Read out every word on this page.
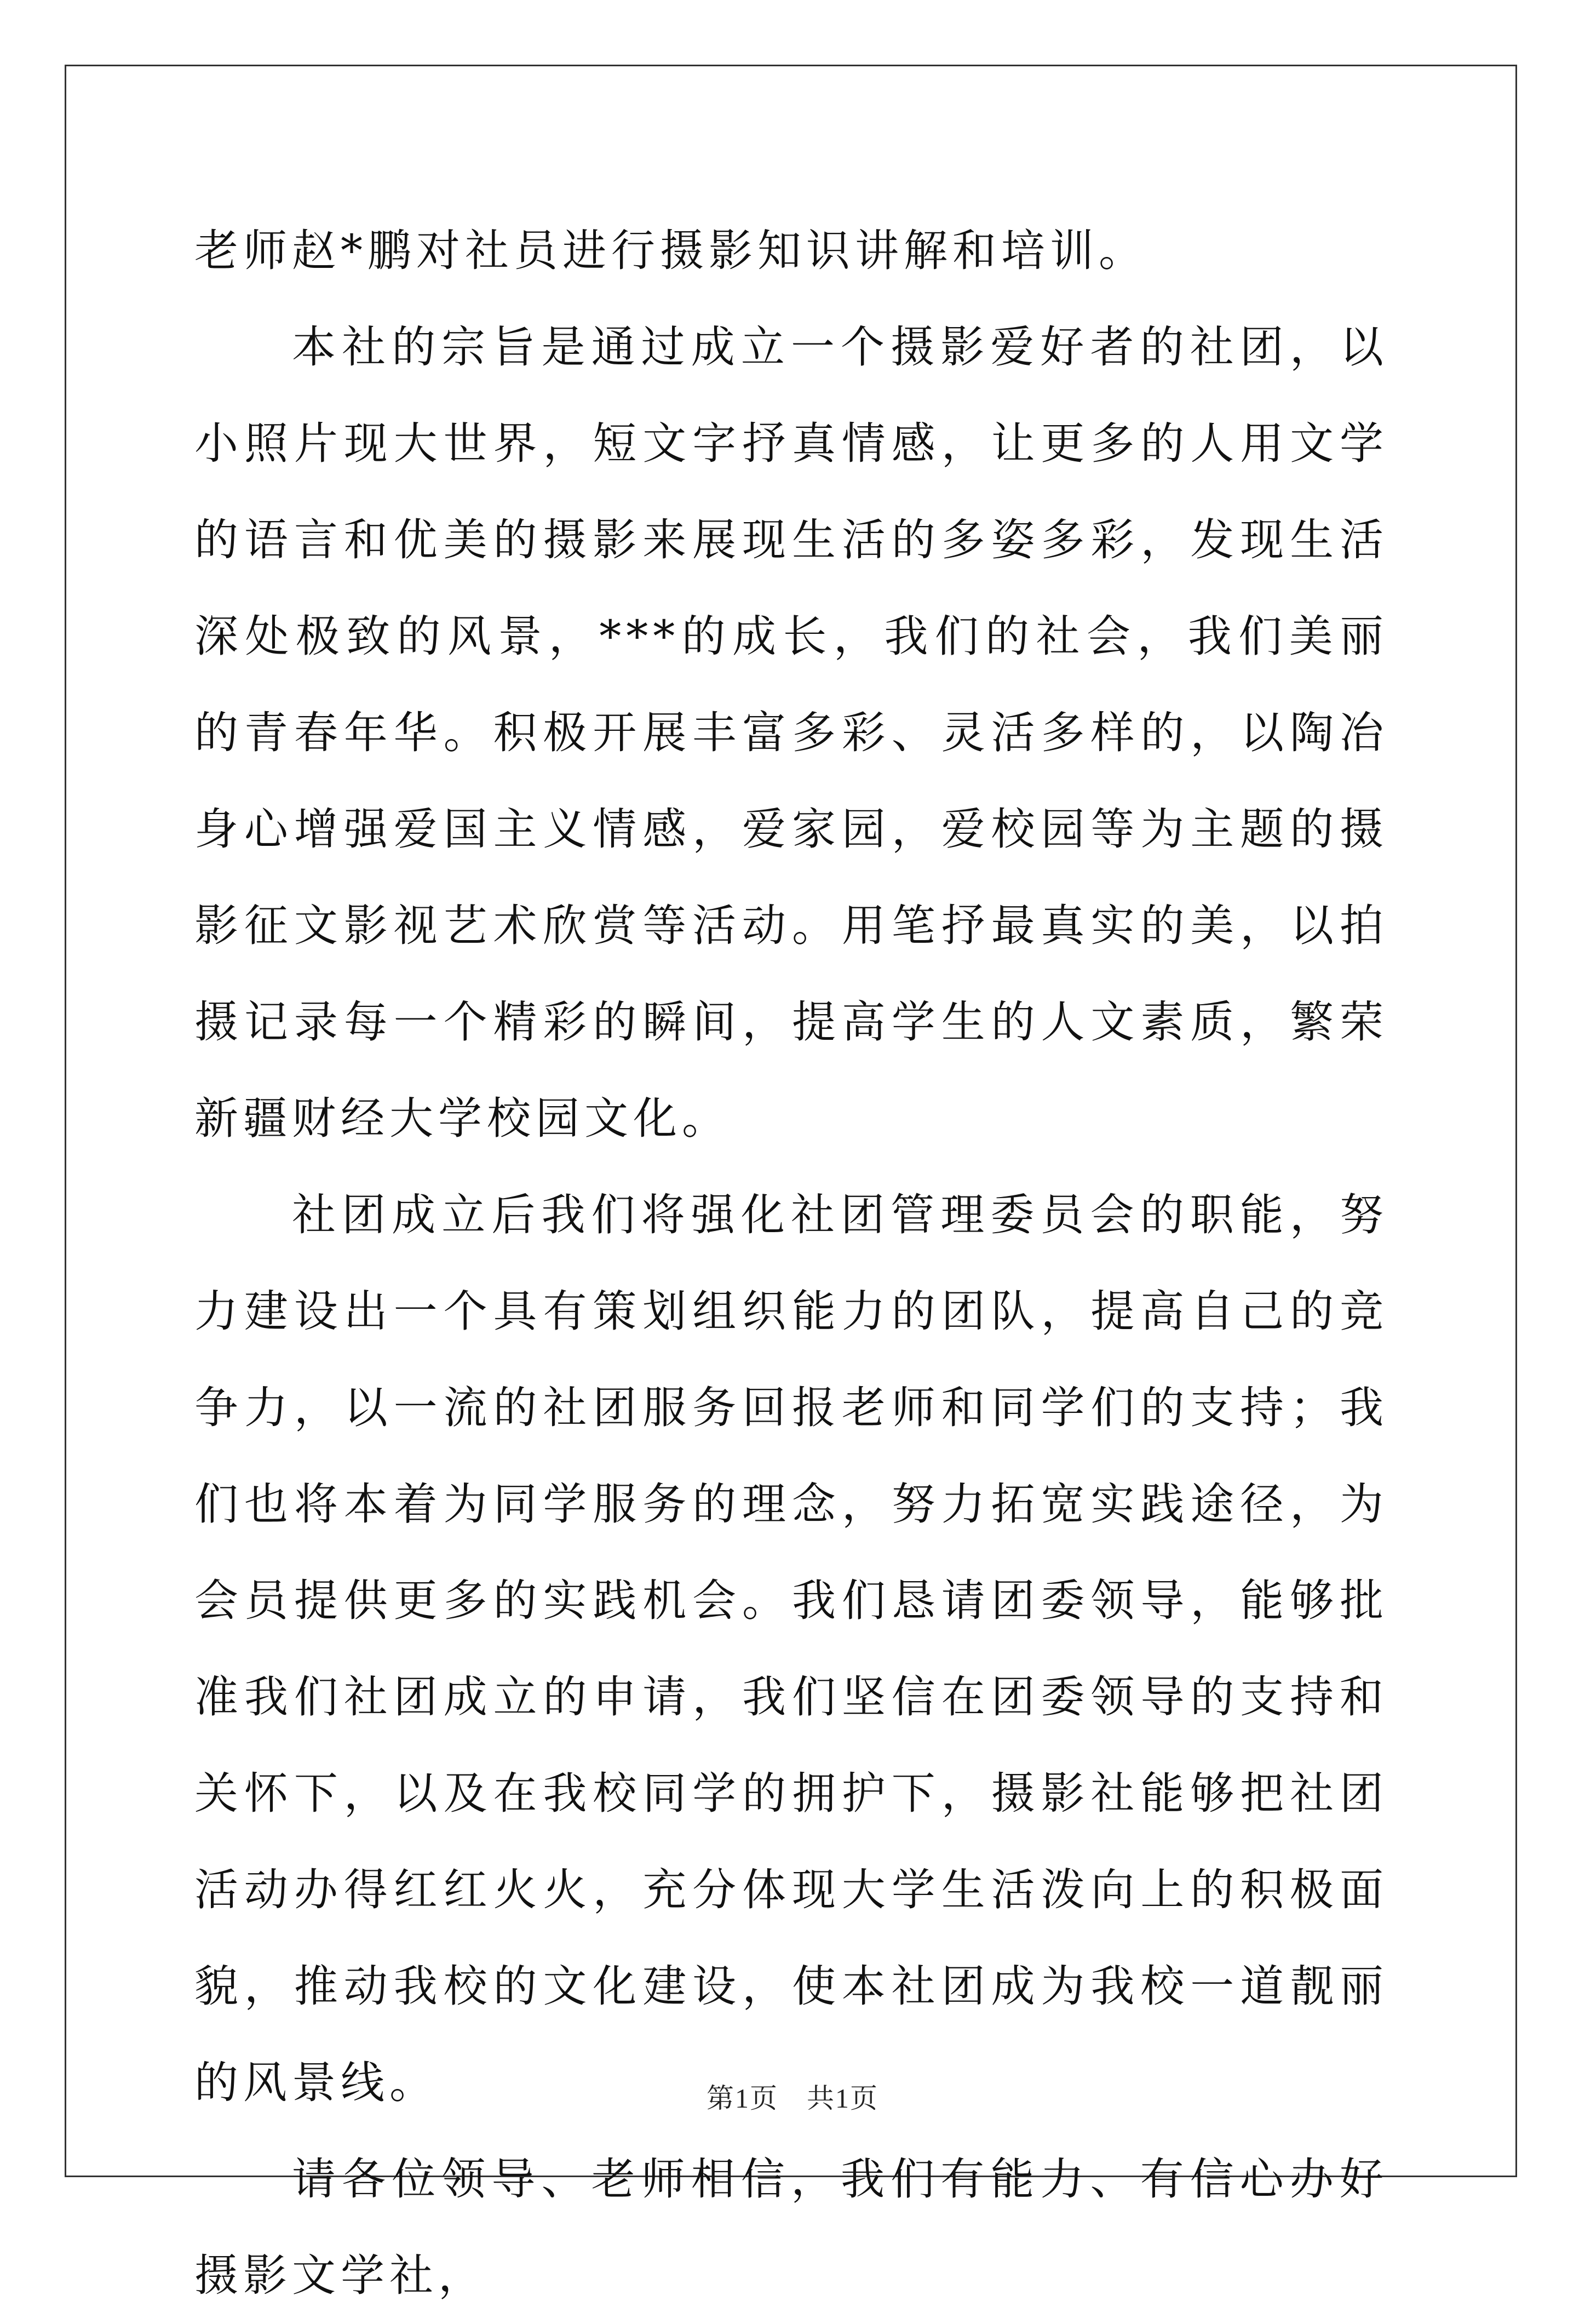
老师赵*鹏对社员进行摄影知识讲解和培训。

本社的宗旨是通过成立一个摄影爱好者的社团，以小照片现大世界，短文字抒真情感，让更多的人用文学的语言和优美的摄影来展现生活的多姿多彩，发现生活深处极致的风景，***的成长，我们的社会，我们美丽的青春年华。积极开展丰富多彩、灵活多样的，以陶冶身心增强爱国主义情感，爱家园，爱校园等为主题的摄影征文影视艺术欣赏等活动。用笔抒最真实的美，以拍摄记录每一个精彩的瞬间，提高学生的人文素质，繁荣新疆财经大学校园文化。

社团成立后我们将强化社团管理委员会的职能，努力建设出一个具有策划组织能力的团队，提高自己的竞争力，以一流的社团服务回报老师和同学们的支持；我们也将本着为同学服务的理念，努力拓宽实践途径，为会员提供更多的实践机会。我们恳请团委领导，能够批准我们社团成立的申请，我们坚信在团委领导的支持和关怀下，以及在我校同学的拥护下，摄影社能够把社团活动办得红红火火，充分体现大学生活泼向上的积极面貌，推动我校的文化建设，使本社团成为我校一道靓丽的风景线。

请各位领导、老师相信，我们有能力、有信心办好摄影文学社，

第1页　共1页
